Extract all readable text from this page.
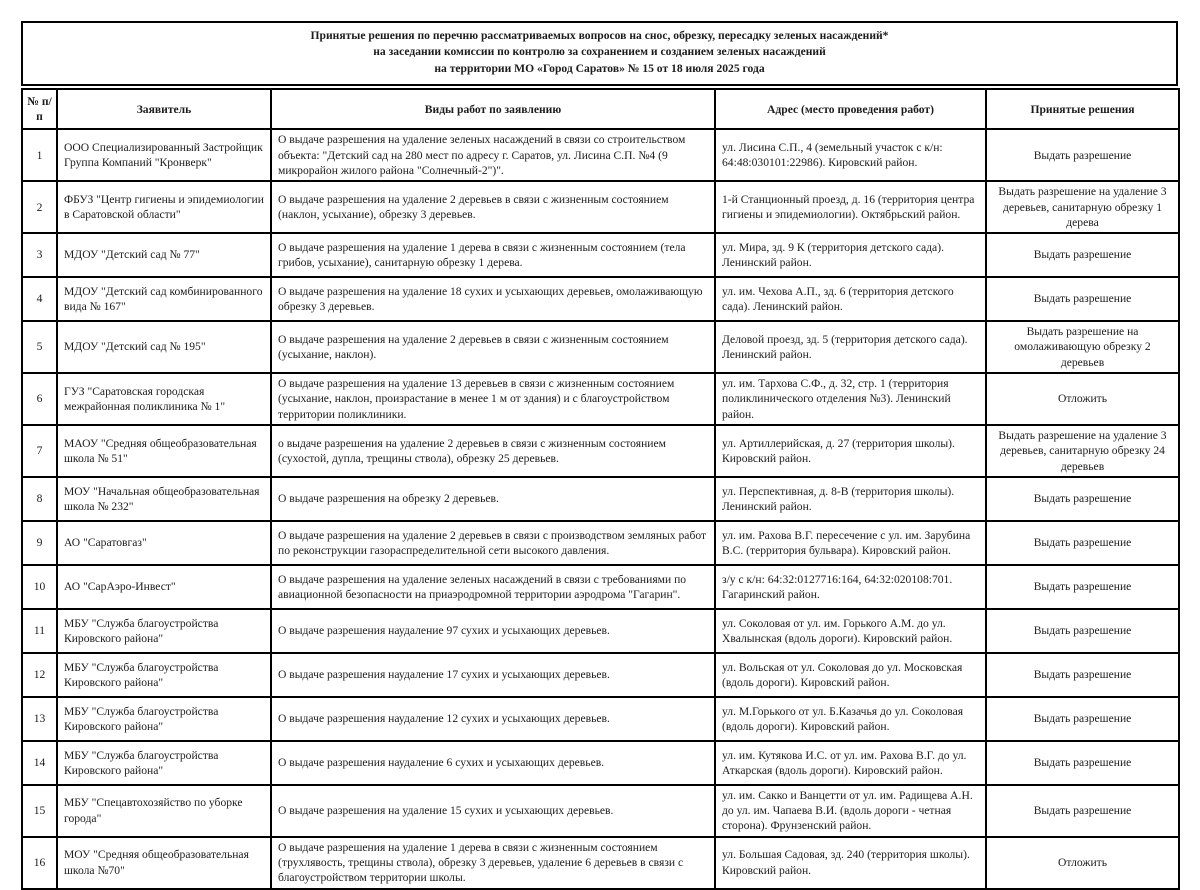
Принятые решения по перечню рассматриваемых вопросов на снос, обрезку, пересадку зеленых насаждений*
на заседании комиссии по контролю за сохранением и созданием зеленых насаждений
на территории МО «Город Саратов» № 15 от 18 июля 2025 года
№ п/п	Заявитель	Виды работ по заявлению	Адрес (место проведения работ)	Принятые решения
1	ООО Специализированный Застройщик Группа Компаний "Кронверк"	О выдаче разрешения на удаление зеленых насаждений в связи со строительством объекта: "Детский сад на 280 мест по адресу г. Саратов, ул. Лисина С.П. №4 (9 микрорайон жилого района "Солнечный-2")".	ул. Лисина С.П., 4 (земельный участок с к/н: 64:48:030101:22986). Кировский район.	Выдать разрешение
2	ФБУЗ "Центр гигиены и эпидемиологии в Саратовской области"	О выдаче разрешения на удаление 2 деревьев в связи с жизненным состоянием (наклон, усыхание), обрезку 3 деревьев.	1-й Станционный проезд, д. 16 (территория центра гигиены и эпидемиологии). Октябрьский район.	Выдать разрешение на удаление 3 деревьев, санитарную обрезку 1 дерева
3	МДОУ "Детский сад № 77"	О выдаче разрешения на удаление 1 дерева в связи с жизненным состоянием (тела грибов, усыхание), санитарную обрезку 1 дерева.	ул. Мира, зд. 9 К (территория детского сада). Ленинский район.	Выдать разрешение
4	МДОУ "Детский сад комбинированного вида № 167"	О выдаче разрешения на удаление 18 сухих и усыхающих деревьев, омолаживающую обрезку 3 деревьев.	ул. им. Чехова А.П., зд. 6 (территория детского сада). Ленинский район.	Выдать разрешение
5	МДОУ "Детский сад № 195"	О выдаче разрешения на удаление 2 деревьев в связи с жизненным состоянием (усыхание, наклон).	Деловой проезд, зд. 5 (территория детского сада). Ленинский район.	Выдать разрешение на омолаживающую обрезку 2 деревьев
6	ГУЗ "Саратовская городская межрайонная поликлиника № 1"	О выдаче разрешения на удаление 13 деревьев в связи с жизненным состоянием (усыхание, наклон, произрастание в менее 1 м от здания) и с благоустройством территории поликлиники.	ул. им. Тархова С.Ф., д. 32, стр. 1 (территория поликлинического отделения №3). Ленинский район.	Отложить
7	МАОУ "Средняя общеобразовательная школа № 51"	о выдаче разрешения на удаление 2 деревьев в связи с жизненным состоянием (сухостой, дупла, трещины ствола), обрезку 25 деревьев.	ул. Артиллерийская, д. 27 (территория школы). Кировский район.	Выдать разрешение на удаление 3 деревьев, санитарную обрезку 24 деревьев
8	МОУ "Начальная общеобразовательная школа № 232"	О выдаче разрешения на обрезку 2 деревьев.	ул. Перспективная, д. 8-В (территория школы). Ленинский район.	Выдать разрешение
9	АО "Саратовгаз"	О выдаче разрешения на удаление 2 деревьев в связи с производством земляных работ по реконструкции газораспределительной сети высокого давления.	ул. им. Рахова В.Г. пересечение с ул. им. Зарубина В.С. (территория бульвара). Кировский район.	Выдать разрешение
10	АО "СарАэро-Инвест"	О выдаче разрешения на удаление зеленых насаждений в связи с требованиями по авиационной безопасности на приаэродромной территории аэродрома "Гагарин".	з/у с к/н: 64:32:0127716:164, 64:32:020108:701. Гагаринский район.	Выдать разрешение
11	МБУ "Служба благоустройства Кировского района"	О выдаче разрешения наудаление 97 сухих и усыхающих деревьев.	ул. Соколовая от ул. им. Горького А.М. до ул. Хвалынская (вдоль дороги). Кировский район.	Выдать разрешение
12	МБУ "Служба благоустройства Кировского района"	О выдаче разрешения наудаление 17 сухих и усыхающих деревьев.	ул. Вольская от ул. Соколовая до ул. Московская (вдоль дороги). Кировский район.	Выдать разрешение
13	МБУ "Служба благоустройства Кировского района"	О выдаче разрешения наудаление 12 сухих и усыхающих деревьев.	ул. М.Горького от ул. Б.Казачья до ул. Соколовая (вдоль дороги). Кировский район.	Выдать разрешение
14	МБУ "Служба благоустройства Кировского района"	О выдаче разрешения наудаление 6 сухих и усыхающих деревьев.	ул. им. Кутякова И.С. от ул. им. Рахова В.Г. до ул. Аткарская (вдоль дороги). Кировский район.	Выдать разрешение
15	МБУ "Спецавтохозяйство по уборке города"	О выдаче разрешения на удаление 15 сухих и усыхающих деревьев.	ул. им. Сакко и Ванцетти от ул. им. Радищева А.Н. до ул. им. Чапаева В.И. (вдоль дороги - четная сторона). Фрунзенский район.	Выдать разрешение
16	МОУ "Средняя общеобразовательная школа №70"	О выдаче разрешения на удаление 1 дерева в связи с жизненным состоянием (трухлявость, трещины ствола), обрезку 3 деревьев, удаление 6 деревьев в связи с благоустройством территории школы.	ул. Большая Садовая, зд. 240 (территория школы). Кировский район.	Отложить
